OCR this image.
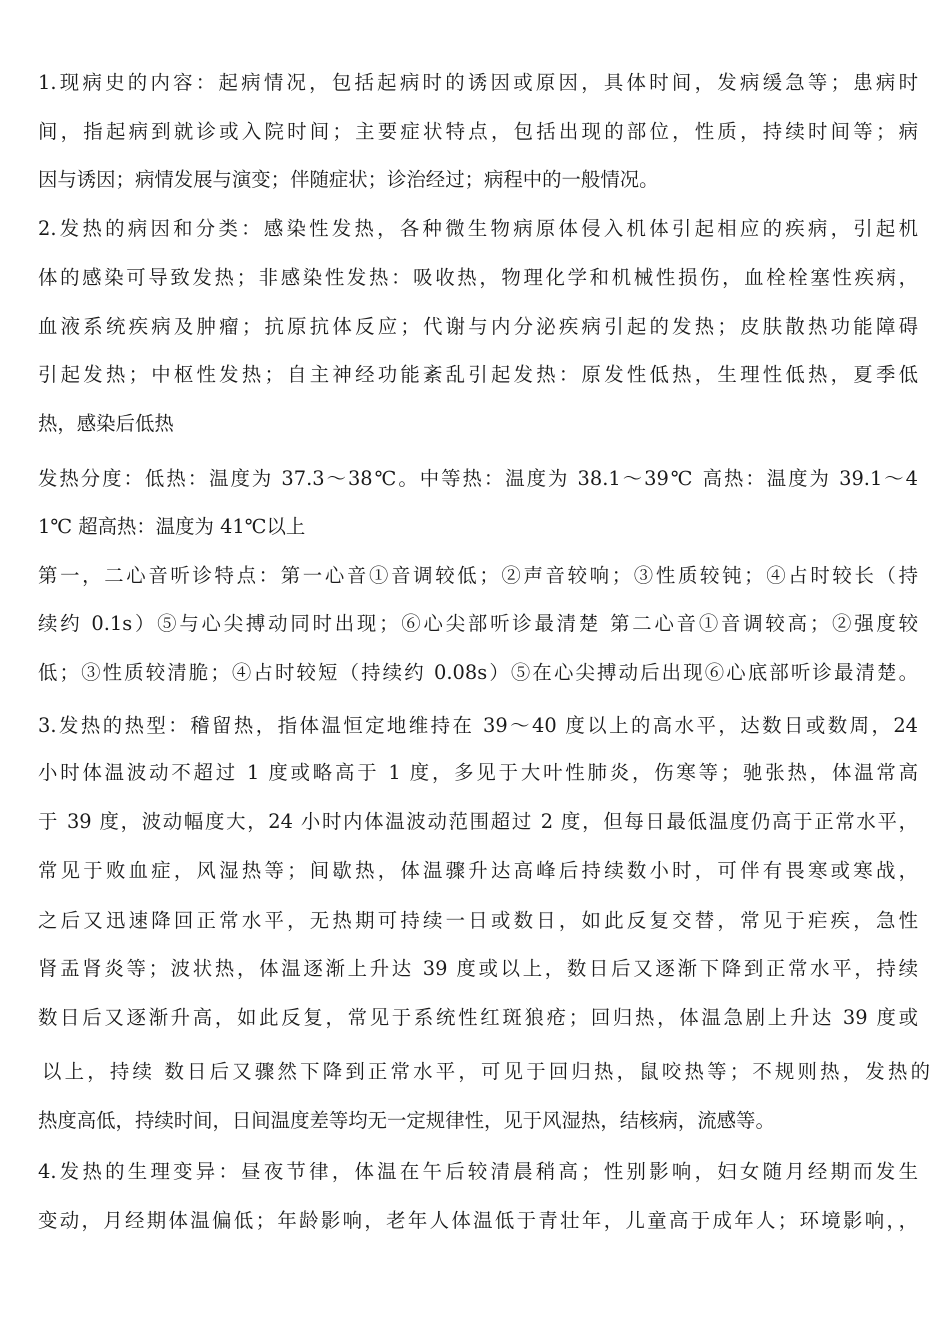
1.现病史的内容：起病情况，包括起病时的诱因或原因，具体时间，发病缓急等；患病时

间，指起病到就诊或入院时间；主要症状特点，包括出现的部位，性质，持续时间等；病

因与诱因；病情发展与演变；伴随症状；诊治经过；病程中的一般情况。

2.发热的病因和分类：感染性发热，各种微生物病原体侵入机体引起相应的疾病，引起机

体的感染可导致发热；非感染性发热：吸收热，物理化学和机械性损伤，血栓栓塞性疾病，

血液系统疾病及肿瘤；抗原抗体反应；代谢与内分泌疾病引起的发热；皮肤散热功能障碍

引起发热；中枢性发热；自主神经功能紊乱引起发热：原发性低热，生理性低热，夏季低

热，感染后低热

发热分度：低热：温度为 37.3～38℃。中等热：温度为 38.1～39℃ 高热：温度为 39.1～4

1℃ 超高热：温度为 41℃以上

第一，二心音听诊特点：第一心音①音调较低；②声音较响；③性质较钝；④占时较长（持

续约 0.1s）⑤与心尖搏动同时出现；⑥心尖部听诊最清楚 第二心音①音调较高；②强度较

低；③性质较清脆；④占时较短（持续约 0.08s）⑤在心尖搏动后出现⑥心底部听诊最清楚。

3.发热的热型：稽留热，指体温恒定地维持在 39～40 度以上的高水平，达数日或数周，24

小时体温波动不超过 1 度或略高于 1 度，多见于大叶性肺炎，伤寒等；驰张热，体温常高

于 39 度，波动幅度大，24 小时内体温波动范围超过 2 度，但每日最低温度仍高于正常水平，

常见于败血症，风湿热等；间歇热，体温骤升达高峰后持续数小时，可伴有畏寒或寒战，

之后又迅速降回正常水平，无热期可持续一日或数日，如此反复交替，常见于疟疾，急性

肾盂肾炎等；波状热，体温逐渐上升达 39 度或以上，数日后又逐渐下降到正常水平，持续

数日后又逐渐升高，如此反复，常见于系统性红斑狼疮；回归热，体温急剧上升达 39 度或

以上，持续 数日后又骤然下降到正常水平，可见于回归热，鼠咬热等；不规则热，发热的

热度高低，持续时间，日间温度差等均无一定规律性，见于风湿热，结核病，流感等。

4.发热的生理变异：昼夜节律，体温在午后较清晨稍高；性别影响，妇女随月经期而发生

变动，月经期体温偏低；年龄影响，老年人体温低于青壮年，儿童高于成年人；环境影响，，
